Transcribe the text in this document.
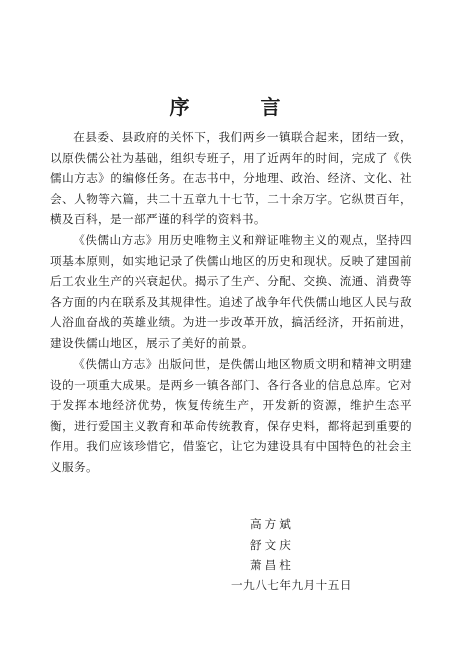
序 言

在县委、县政府的关怀下，我们两乡一镇联合起来，团结一致，以原佚儒公社为基础，组织专班子，用了近两年的时间，完成了《佚儒山方志》的编修任务。在志书中，分地理、政治、经济、文化、社会、人物等六篇，共二十五章九十七节，二十余万字。它纵贯百年，横及百科，是一部严谨的科学的资料书。

《佚儒山方志》用历史唯物主义和辩证唯物主义的观点，坚持四项基本原则，如实地记录了佚儒山地区的历史和现状。反映了建国前后工农业生产的兴衰起伏。揭示了生产、分配、交换、流通、消费等各方面的内在联系及其规律性。追述了战争年代佚儒山地区人民与敌人浴血奋战的英雄业绩。为进一步改革开放，搞活经济，开拓前进，建设佚儒山地区，展示了美好的前景。

《佚儒山方志》出版问世，是佚儒山地区物质文明和精神文明建设的一项重大成果。是两乡一镇各部门、各行各业的信息总库。它对于发挥本地经济优势，恢复传统生产，开发新的资源，维护生态平衡，进行爱国主义教育和革命传统教育，保存史料，都将起到重要的作用。我们应该珍惜它，借鉴它，让它为建设具有中国特色的社会主义服务。

高方斌
舒文庆
萧昌柱
一九八七年九月十五日
